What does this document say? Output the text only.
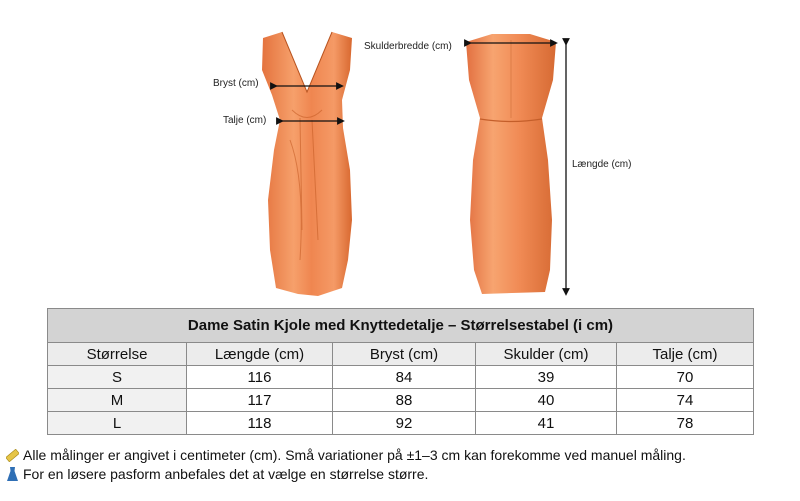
Bryst (cm)
Talje (cm)
Skulderbredde (cm)
Længde (cm)
Dame Satin Kjole med Knyttedetalje – Størrelsestabel (i cm)				
Størrelse	Længde (cm)	Bryst (cm)	Skulder (cm)	Talje (cm)
S	116	84	39	70
M	117	88	40	74
L	118	92	41	78
Alle målinger er angivet i centimeter (cm). Små variationer på ±1–3 cm kan forekomme ved manuel måling.
For en løsere pasform anbefales det at vælge en størrelse større.
